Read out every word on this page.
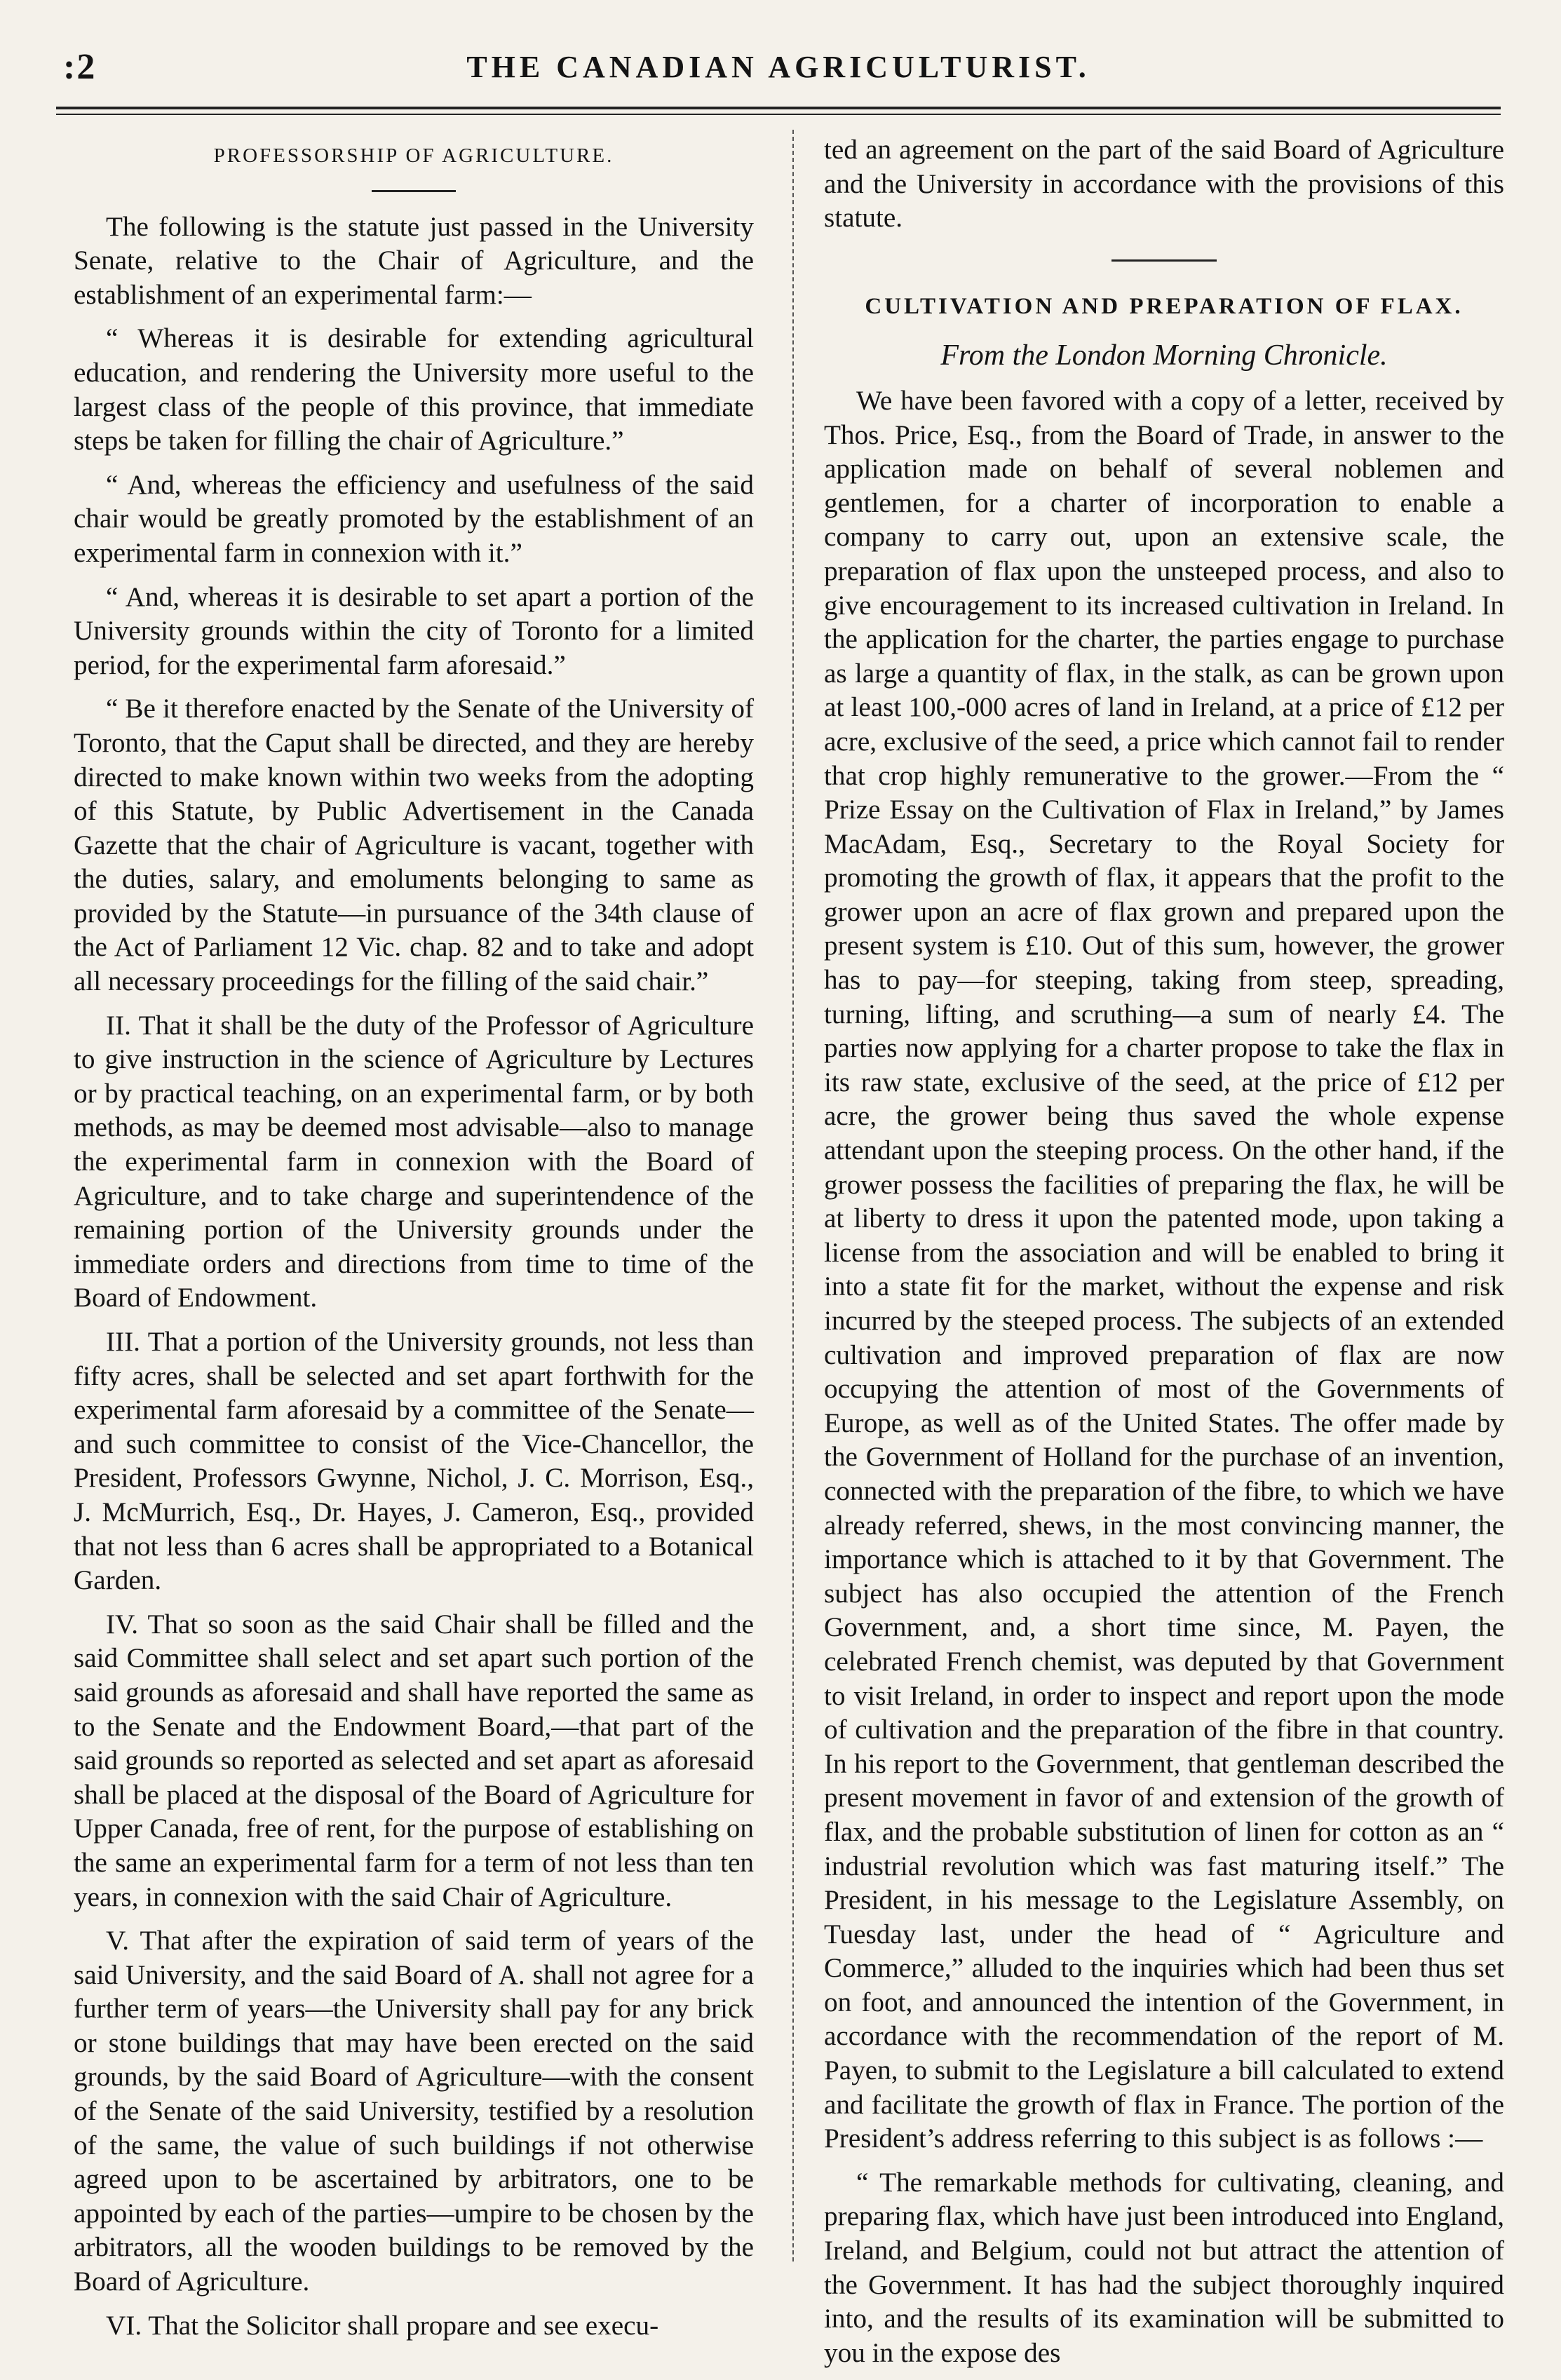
:2	THE CANADIAN AGRICULTURIST.
PROFESSORSHIP OF AGRICULTURE.

The following is the statute just passed in the University Senate, relative to the Chair of Agriculture, and the establishment of an experimental farm:—

“ Whereas it is desirable for extending agricultural education, and rendering the University more useful to the largest class of the people of this province, that immediate steps be taken for filling the chair of Agriculture.”

“ And, whereas the efficiency and usefulness of the said chair would be greatly promoted by the establishment of an experimental farm in connexion with it.”

“ And, whereas it is desirable to set apart a portion of the University grounds within the city of Toronto for a limited period, for the experimental farm aforesaid.”

“ Be it therefore enacted by the Senate of the University of Toronto, that the Caput shall be directed, and they are hereby directed to make known within two weeks from the adopting of this Statute, by Public Advertisement in the Canada Gazette that the chair of Agriculture is vacant, together with the duties, salary, and emoluments belonging to same as provided by the Statute—in pursuance of the 34th clause of the Act of Parliament 12 Vic. chap. 82 and to take and adopt all necessary proceedings for the filling of the said chair.”

II. That it shall be the duty of the Professor of Agriculture to give instruction in the science of Agriculture by Lectures or by practical teaching, on an experimental farm, or by both methods, as may be deemed most advisable—also to manage the experimental farm in connexion with the Board of Agriculture, and to take charge and superintendence of the remaining portion of the University grounds under the immediate orders and directions from time to time of the Board of Endowment.

III. That a portion of the University grounds, not less than fifty acres, shall be selected and set apart forthwith for the experimental farm aforesaid by a committee of the Senate—and such committee to consist of the Vice-Chancellor, the President, Professors Gwynne, Nichol, J. C. Morrison, Esq., J. McMurrich, Esq., Dr. Hayes, J. Cameron, Esq., provided that not less than 6 acres shall be appropriated to a Botanical Garden.

IV. That so soon as the said Chair shall be filled and the said Committee shall select and set apart such portion of the said grounds as aforesaid and shall have reported the same as to the Senate and the Endowment Board,—that part of the said grounds so reported as selected and set apart as aforesaid shall be placed at the disposal of the Board of Agriculture for Upper Canada, free of rent, for the purpose of establishing on the same an experimental farm for a term of not less than ten years, in connexion with the said Chair of Agriculture.

V. That after the expiration of said term of years of the said University, and the said Board of A. shall not agree for a further term of years—the University shall pay for any brick or stone buildings that may have been erected on the said grounds, by the said Board of Agriculture—with the consent of the Senate of the said University, testified by a resolution of the same, the value of such buildings if not otherwise agreed upon to be ascertained by arbitrators, one to be appointed by each of the parties—umpire to be chosen by the arbitrators, all the wooden buildings to be removed by the Board of Agriculture.

VI. That the Solicitor shall propare and see execu-

ted an agreement on the part of the said Board of Agriculture and the University in accordance with the provisions of this statute.

CULTIVATION AND PREPARATION OF FLAX.
From the London Morning Chronicle.

We have been favored with a copy of a letter, received by Thos. Price, Esq., from the Board of Trade, in answer to the application made on behalf of several noblemen and gentlemen, for a charter of incorporation to enable a company to carry out, upon an extensive scale, the preparation of flax upon the unsteeped process, and also to give encouragement to its increased cultivation in Ireland. In the application for the charter, the parties engage to purchase as large a quantity of flax, in the stalk, as can be grown upon at least 100,-000 acres of land in Ireland, at a price of £12 per acre, exclusive of the seed, a price which cannot fail to render that crop highly remunerative to the grower.—From the “ Prize Essay on the Cultivation of Flax in Ireland,” by James MacAdam, Esq., Secretary to the Royal Society for promoting the growth of flax, it appears that the profit to the grower upon an acre of flax grown and prepared upon the present system is £10. Out of this sum, however, the grower has to pay—for steeping, taking from steep, spreading, turning, lifting, and scruthing—a sum of nearly £4. The parties now applying for a charter propose to take the flax in its raw state, exclusive of the seed, at the price of £12 per acre, the grower being thus saved the whole expense attendant upon the steeping process. On the other hand, if the grower possess the facilities of preparing the flax, he will be at liberty to dress it upon the patented mode, upon taking a license from the association and will be enabled to bring it into a state fit for the market, without the expense and risk incurred by the steeped process. The subjects of an extended cultivation and improved preparation of flax are now occupying the attention of most of the Governments of Europe, as well as of the United States. The offer made by the Government of Holland for the purchase of an invention, connected with the preparation of the fibre, to which we have already referred, shews, in the most convincing manner, the importance which is attached to it by that Government. The subject has also occupied the attention of the French Government, and, a short time since, M. Payen, the celebrated French chemist, was deputed by that Government to visit Ireland, in order to inspect and report upon the mode of cultivation and the preparation of the fibre in that country. In his report to the Government, that gentleman described the present movement in favor of and extension of the growth of flax, and the probable substitution of linen for cotton as an “ industrial revolution which was fast maturing itself.” The President, in his message to the Legislature Assembly, on Tuesday last, under the head of “ Agriculture and Commerce,” alluded to the inquiries which had been thus set on foot, and announced the intention of the Government, in accordance with the recommendation of the report of M. Payen, to submit to the Legislature a bill calculated to extend and facilitate the growth of flax in France. The portion of the President’s address referring to this subject is as follows :—

“ The remarkable methods for cultivating, cleaning, and preparing flax, which have just been introduced into England, Ireland, and Belgium, could not but attract the attention of the Government. It has had the subject thoroughly inquired into, and the results of its examination will be submitted to you in the expose des
